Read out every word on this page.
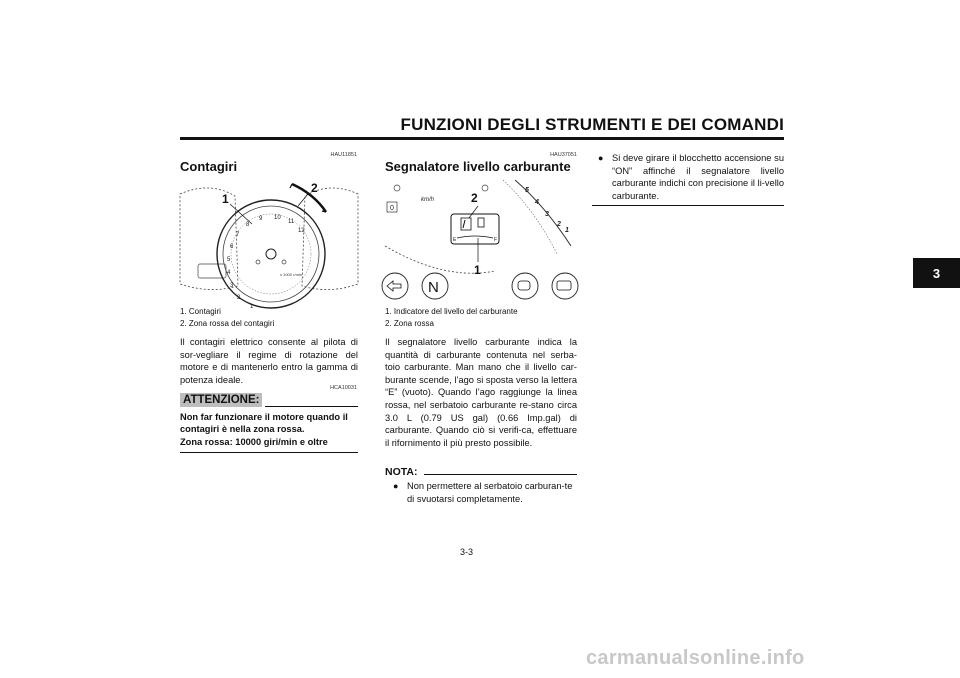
FUNZIONI DEGLI STRUMENTI E DEI COMANDI
3
HAU11851
Contagiri
1
2
3
4
5
6
7
8
9 10
11
12
x 1000 r/min
1
2
1. Contagiri
2. Zona rossa del contagiri
Il contagiri elettrico consente al pilota di sor-vegliare il regime di rotazione del motore e di mantenerlo entro la gamma di potenza ideale.
HCA10031
ATTENZIONE:
Non far funzionare il motore quando il
contagiri è nella zona rossa.
Zona rossa: 10000 giri/min e oltre
HAU37051
Segnalatore livello carburante
0
km/h
1
2
3
4
5
E	F
2
1
N
1. Indicatore del livello del carburante
2. Zona rossa
Il segnalatore livello carburante indica la quantità di carburante contenuta nel serba-toio carburante. Man mano che il livello car-burante scende, l’ago si sposta verso la lettera “E” (vuoto). Quando l’ago raggiunge la linea rossa, nel serbatoio carburante re-stano circa 3.0 L (0.79 US gal) (0.66 Imp.gal) di carburante. Quando ciò si verifi-ca, effettuare il rifornimento il più presto possibile.
NOTA:
● Non permettere al serbatoio carburan-te di svuotarsi completamente.
● Si deve girare il blocchetto accensione su “ON” affinché il segnalatore livello carburante indichi con precisione il li-vello carburante.
3-3
carmanualsonline.info
